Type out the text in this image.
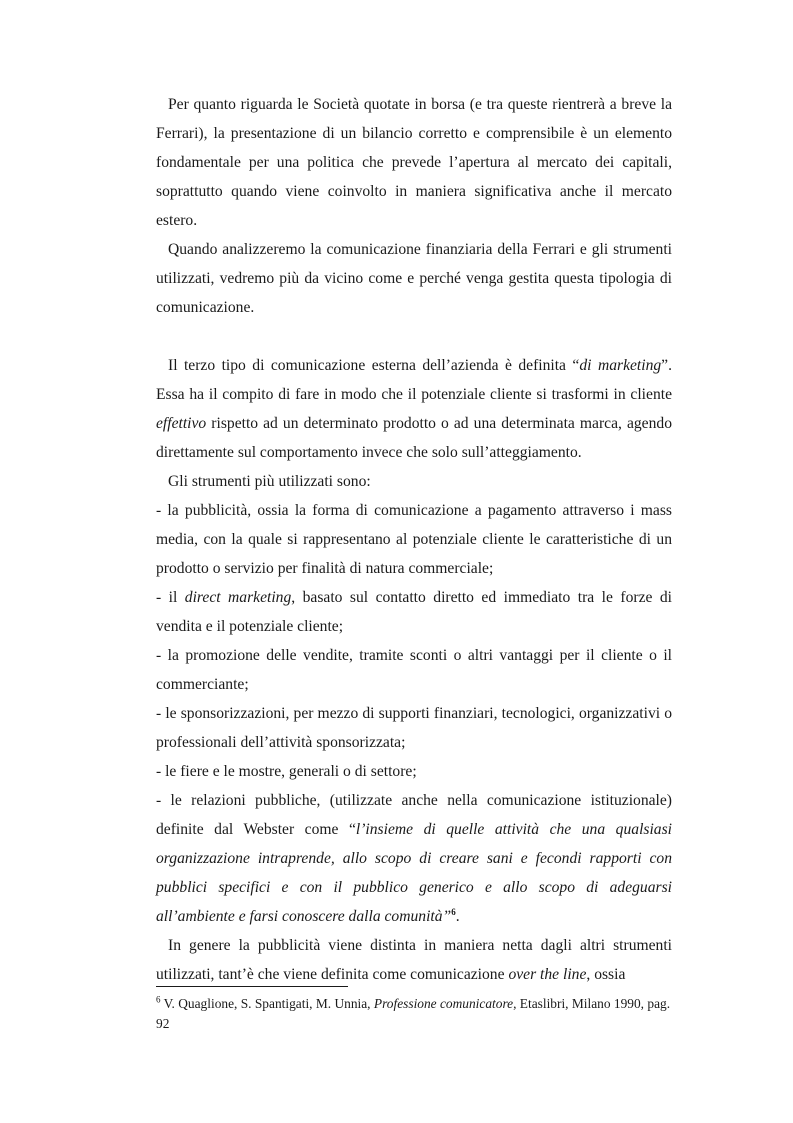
Per quanto riguarda le Società quotate in borsa (e tra queste rientrerà a breve la Ferrari), la presentazione di un bilancio corretto e comprensibile è un elemento fondamentale per una politica che prevede l’apertura al mercato dei capitali, soprattutto quando viene coinvolto in maniera significativa anche il mercato estero.

Quando analizzeremo la comunicazione finanziaria della Ferrari e gli strumenti utilizzati, vedremo più da vicino come e perché venga gestita questa tipologia di comunicazione.

Il terzo tipo di comunicazione esterna dell’azienda è definita “di marketing”. Essa ha il compito di fare in modo che il potenziale cliente si trasformi in cliente effettivo rispetto ad un determinato prodotto o ad una determinata marca, agendo direttamente sul comportamento invece che solo sull’atteggiamento.

Gli strumenti più utilizzati sono:

- la pubblicità, ossia la forma di comunicazione a pagamento attraverso i mass media, con la quale si rappresentano al potenziale cliente le caratteristiche di un prodotto o servizio per finalità di natura commerciale;

- il direct marketing, basato sul contatto diretto ed immediato tra le forze di vendita e il potenziale cliente;

- la promozione delle vendite, tramite sconti o altri vantaggi per il cliente o il commerciante;

- le sponsorizzazioni, per mezzo di supporti finanziari, tecnologici, organizzativi o professionali dell’attività sponsorizzata;

- le fiere e le mostre, generali o di settore;

- le relazioni pubbliche, (utilizzate anche nella comunicazione istituzionale) definite dal Webster come “l’insieme di quelle attività che una qualsiasi organizzazione intraprende, allo scopo di creare sani e fecondi rapporti con pubblici specifici e con il pubblico generico e allo scopo di adeguarsi all’ambiente e farsi conoscere dalla comunità”$^6$.

In genere la pubblicità viene distinta in maniera netta dagli altri strumenti utilizzati, tant’è che viene definita come comunicazione over the line, ossia

$^6$ V. Quaglione, S. Spantigati, M. Unnia, Professione comunicatore, Etaslibri, Milano 1990, pag. 92
